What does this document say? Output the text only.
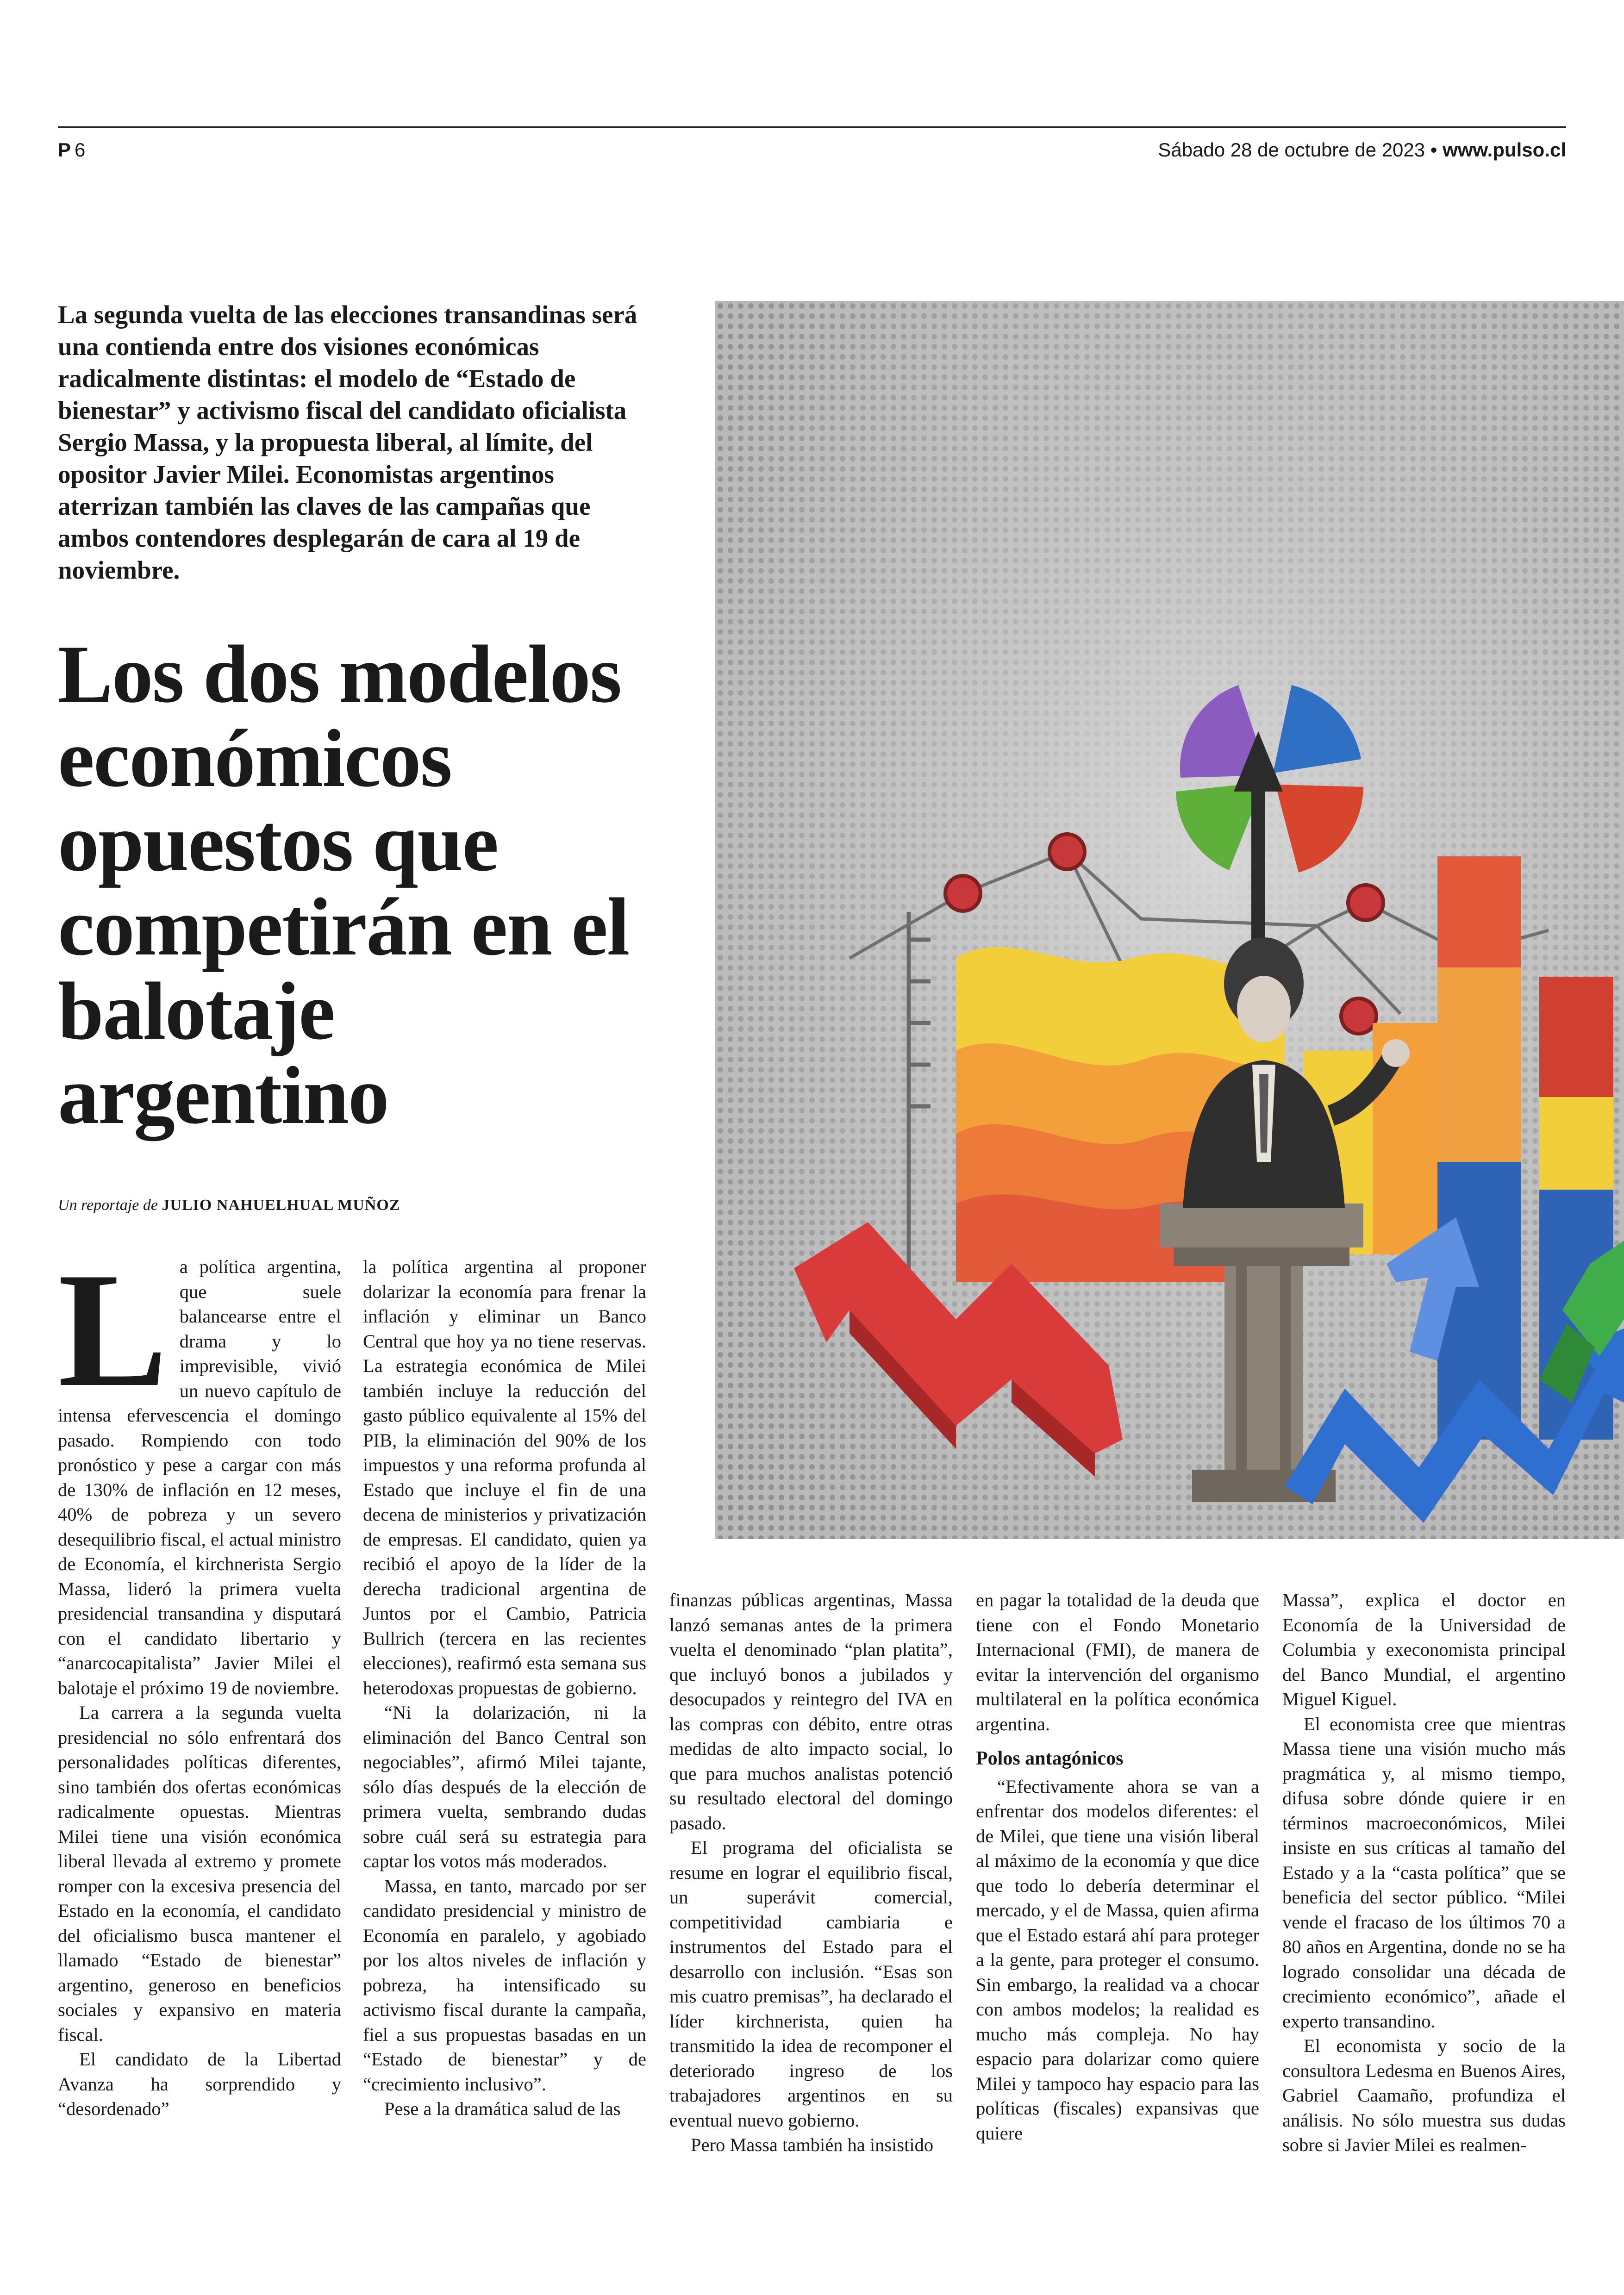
P 6	Sábado 28 de octubre de 2023 • www.pulso.cl
La segunda vuelta de las elecciones transandinas será una contienda entre dos visiones económicas radicalmente distintas: el modelo de “Estado de bienestar” y activismo fiscal del candidato oficialista Sergio Massa, y la propuesta liberal, al límite, del opositor Javier Milei. Economistas argentinos aterrizan también las claves de las campañas que ambos contendores desplegarán de cara al 19 de noviembre.
Los dos modelos económicos opuestos que competirán en el balotaje argentino
Un reportaje de JULIO NAHUELHUAL MUÑOZ
L a política argentina, que suele balancearse entre el drama y lo imprevisible, vivió un nuevo capítulo de intensa efervescencia el domingo pasado. Rompiendo con todo pronóstico y pese a cargar con más de 130% de inflación en 12 meses, 40% de pobreza y un severo desequilibrio fiscal, el actual ministro de Economía, el kirchnerista Sergio Massa, lideró la primera vuelta presidencial transandina y disputará con el candidato libertario y “anarcocapitalista” Javier Milei el balotaje el próximo 19 de noviembre.

La carrera a la segunda vuelta presidencial no sólo enfrentará dos personalidades políticas diferentes, sino también dos ofertas económicas radicalmente opuestas. Mientras Milei tiene una visión económica liberal llevada al extremo y promete romper con la excesiva presencia del Estado en la economía, el candidato del oficialismo busca mantener el llamado “Estado de bienestar” argentino, generoso en beneficios sociales y expansivo en materia fiscal.

El candidato de la Libertad Avanza ha sorprendido y “desordenado”

la política argentina al proponer dolarizar la economía para frenar la inflación y eliminar un Banco Central que hoy ya no tiene reservas. La estrategia económica de Milei también incluye la reducción del gasto público equivalente al 15% del PIB, la eliminación del 90% de los impuestos y una reforma profunda al Estado que incluye el fin de una decena de ministerios y privatización de empresas. El candidato, quien ya recibió el apoyo de la líder de la derecha tradicional argentina de Juntos por el Cambio, Patricia Bullrich (tercera en las recientes elecciones), reafirmó esta semana sus heterodoxas propuestas de gobierno.

“Ni la dolarización, ni la eliminación del Banco Central son negociables”, afirmó Milei tajante, sólo días después de la elección de primera vuelta, sembrando dudas sobre cuál será su estrategia para captar los votos más moderados.

Massa, en tanto, marcado por ser candidato presidencial y ministro de Economía en paralelo, y agobiado por los altos niveles de inflación y pobreza, ha intensificado su activismo fiscal durante la campaña, fiel a sus propuestas basadas en un “Estado de bienestar” y de “crecimiento inclusivo”.

Pese a la dramática salud de las

finanzas públicas argentinas, Massa lanzó semanas antes de la primera vuelta el denominado “plan platita”, que incluyó bonos a jubilados y desocupados y reintegro del IVA en las compras con débito, entre otras medidas de alto impacto social, lo que para muchos analistas potenció su resultado electoral del domingo pasado.

El programa del oficialista se resume en lograr el equilibrio fiscal, un superávit comercial, competitividad cambiaria e instrumentos del Estado para el desarrollo con inclusión. “Esas son mis cuatro premisas”, ha declarado el líder kirchnerista, quien ha transmitido la idea de recomponer el deteriorado ingreso de los trabajadores argentinos en su eventual nuevo gobierno.

Pero Massa también ha insistido

en pagar la totalidad de la deuda que tiene con el Fondo Monetario Internacional (FMI), de manera de evitar la intervención del organismo multilateral en la política económica argentina.

Polos antagónicos

“Efectivamente ahora se van a enfrentar dos modelos diferentes: el de Milei, que tiene una visión liberal al máximo de la economía y que dice que todo lo debería determinar el mercado, y el de Massa, quien afirma que el Estado estará ahí para proteger a la gente, para proteger el consumo. Sin embargo, la realidad va a chocar con ambos modelos; la realidad es mucho más compleja. No hay espacio para dolarizar como quiere Milei y tampoco hay espacio para las políticas (fiscales) expansivas que quiere

Massa”, explica el doctor en Economía de la Universidad de Columbia y execonomista principal del Banco Mundial, el argentino Miguel Kiguel.

El economista cree que mientras Massa tiene una visión mucho más pragmática y, al mismo tiempo, difusa sobre dónde quiere ir en términos macroeconómicos, Milei insiste en sus críticas al tamaño del Estado y a la “casta política” que se beneficia del sector público. “Milei vende el fracaso de los últimos 70 a 80 años en Argentina, donde no se ha logrado consolidar una década de crecimiento económico”, añade el experto transandino.

El economista y socio de la consultora Ledesma en Buenos Aires, Gabriel Caamaño, profundiza el análisis. No sólo muestra sus dudas sobre si Javier Milei es realmen-
